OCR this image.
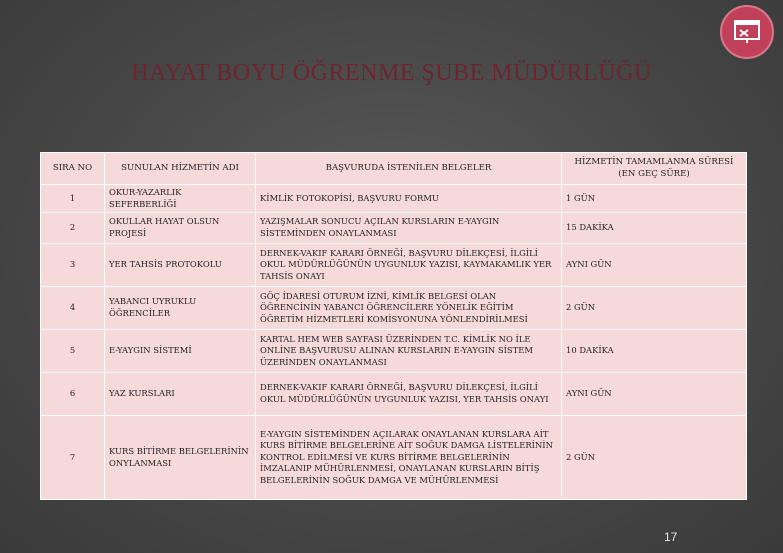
HAYAT BOYU ÖĞRENME ŞUBE MÜDÜRLÜĞÜ
SIRA NO	SUNULAN HİZMETİN ADI	BAŞVURUDA İSTENİLEN BELGELER	HİZMETİN TAMAMLANMA SÜRESİ (EN GEÇ SÜRE)
1	OKUR-YAZARLIK SEFERBERLİĞİ	KİMLİK FOTOKOPİSİ, BAŞVURU FORMU	1 GÜN
2	OKULLAR HAYAT OLSUN PROJESİ	YAZIŞMALAR SONUCU AÇILAN KURSLARIN E-YAYGIN SİSTEMİNDEN ONAYLANMASI	15 DAKİKA
3	YER TAHSİS PROTOKOLU	DERNEK-VAKIF KARARI ÖRNEĞİ, BAŞVURU DİLEKÇESİ, İLGİLİ OKUL MÜDÜRLÜĞÜNÜN UYGUNLUK YAZISI, KAYMAKAMLIK YER TAHSİS ONAYI	AYNI GÜN
4	YABANCI UYRUKLU ÖĞRENCİLER	GÖÇ İDARESİ OTURUM İZNİ, KİMLİK BELGESİ OLAN ÖĞRENCİNİN YABANCI ÖĞRENCİLERE YÖNELİK EĞİTİM ÖĞRETİM HİZMETLERİ KOMİSYONUNA YÖNLENDİRİLMESİ	2 GÜN
5	E-YAYGIN SİSTEMİ	KARTAL HEM WEB SAYFASI ÜZERİNDEN T.C. KİMLİK NO İLE ONLİNE BAŞVURUSU ALINAN KURSLARIN E-YAYGIN SİSTEM ÜZERİNDEN ONAYLANMASI	10 DAKİKA
6	YAZ KURSLARI	DERNEK-VAKIF KARARI ÖRNEĞİ, BAŞVURU DİLEKÇESİ, İLGİLİ OKUL MÜDÜRLÜĞÜNÜN UYGUNLUK YAZISI, YER TAHSİS ONAYI	AYNI GÜN
7	KURS BİTİRME BELGELERİNİN ONYLANMASI	E-YAYGIN SİSTEMİNDEN AÇILARAK ONAYLANAN KURSLARA AİT KURS BİTİRME BELGELERİNE AİT SOĞUK DAMGA LİSTELERİNİN KONTROL EDİLMESİ VE KURS BİTİRME BELGELERİNİN İMZALANIP MÜHÜRLENMESİ, ONAYLANAN KURSLARIN BİTİŞ BELGELERİNİN SOĞUK DAMGA VE MÜHÜRLENMESİ	2 GÜN
17
